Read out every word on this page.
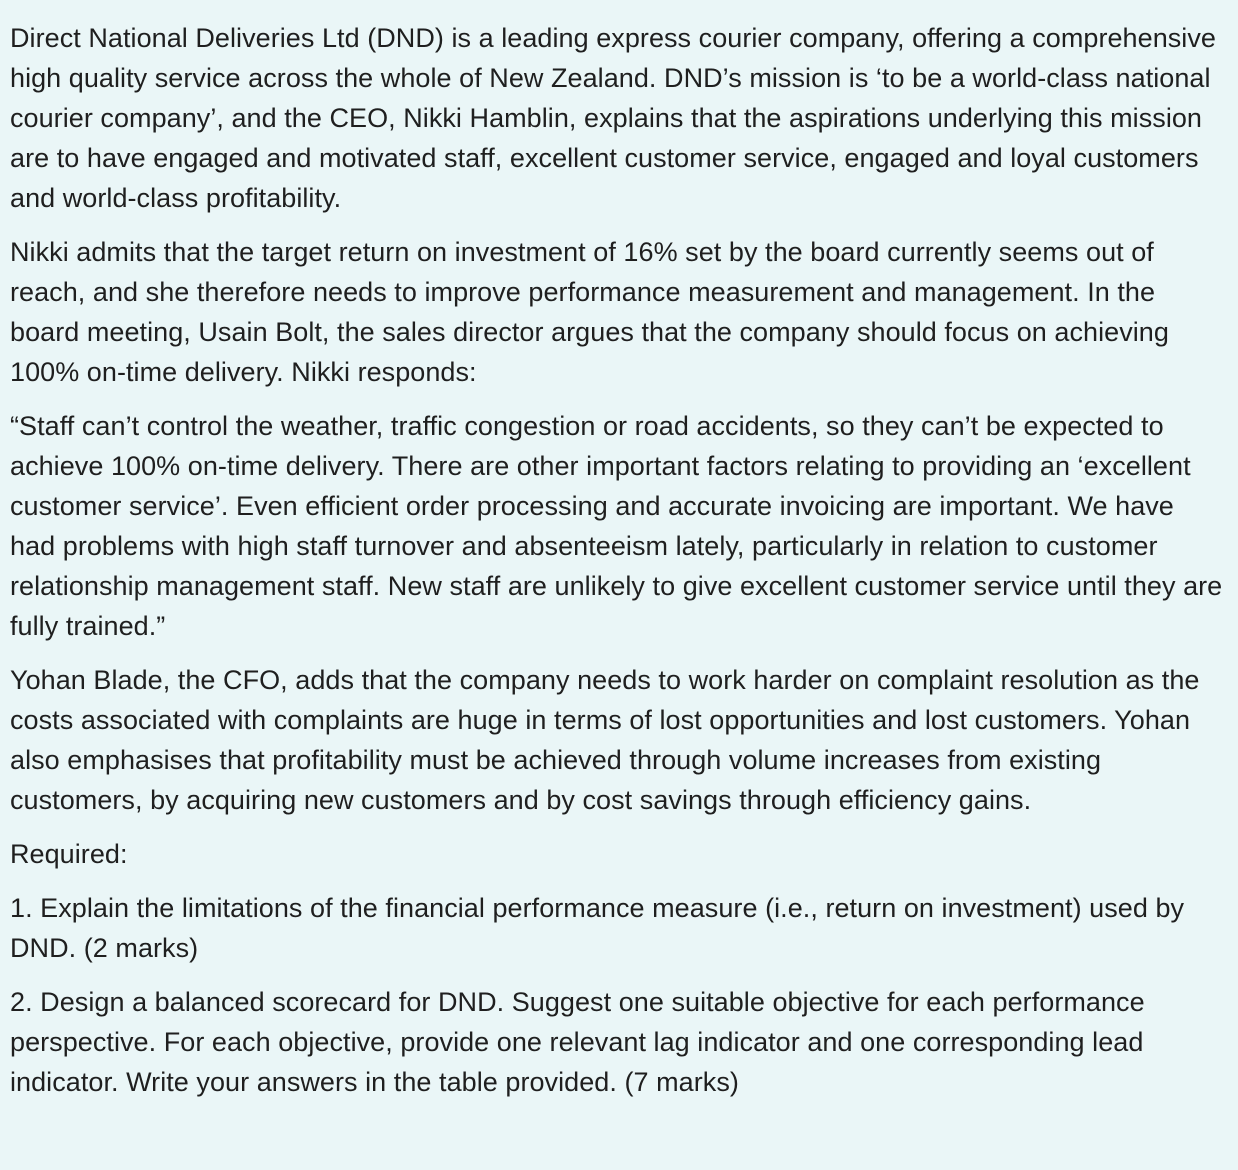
Direct National Deliveries Ltd (DND) is a leading express courier company, offering a comprehensive high quality service across the whole of New Zealand. DND’s mission is ‘to be a world-class national courier company’, and the CEO, Nikki Hamblin, explains that the aspirations underlying this mission are to have engaged and motivated staff, excellent customer service, engaged and loyal customers and world-class profitability.

Nikki admits that the target return on investment of 16% set by the board currently seems out of reach, and she therefore needs to improve performance measurement and management. In the board meeting, Usain Bolt, the sales director argues that the company should focus on achieving 100% on-time delivery. Nikki responds:

“Staff can’t control the weather, traffic congestion or road accidents, so they can’t be expected to achieve 100% on-time delivery. There are other important factors relating to providing an ‘excellent customer service’. Even efficient order processing and accurate invoicing are important. We have had problems with high staff turnover and absenteeism lately, particularly in relation to customer relationship management staff. New staff are unlikely to give excellent customer service until they are fully trained.”

Yohan Blade, the CFO, adds that the company needs to work harder on complaint resolution as the costs associated with complaints are huge in terms of lost opportunities and lost customers. Yohan also emphasises that profitability must be achieved through volume increases from existing customers, by acquiring new customers and by cost savings through efficiency gains.

Required:

1. Explain the limitations of the financial performance measure (i.e., return on investment) used by DND. (2 marks)

2. Design a balanced scorecard for DND. Suggest one suitable objective for each performance perspective. For each objective, provide one relevant lag indicator and one corresponding lead indicator. Write your answers in the table provided. (7 marks)
